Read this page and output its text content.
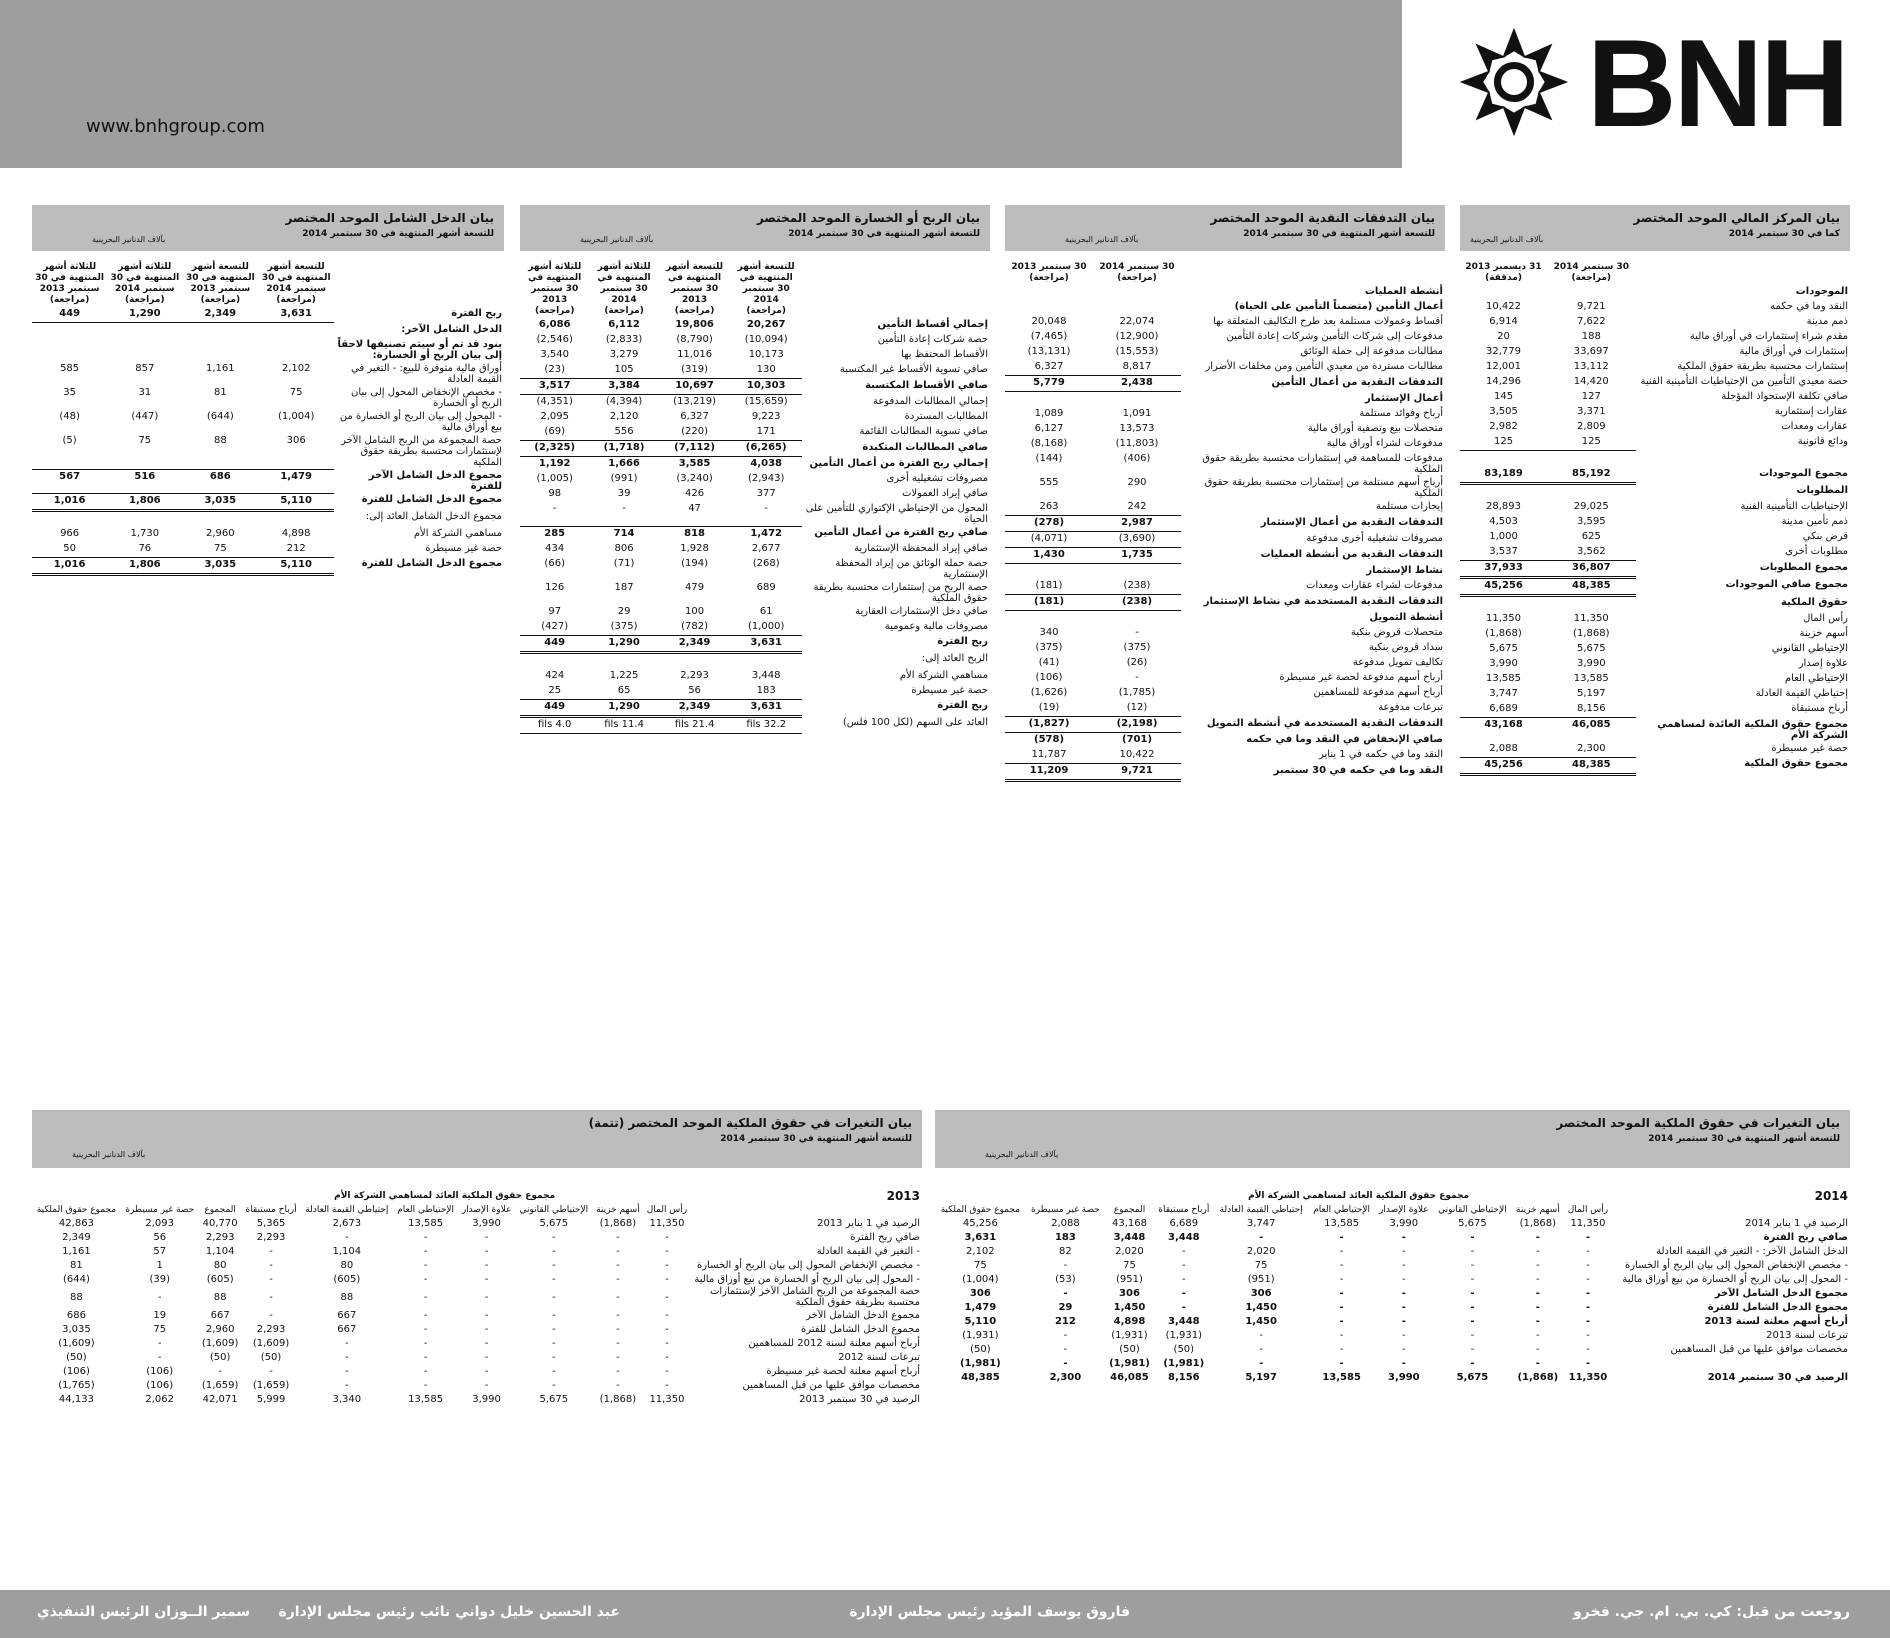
www.bnhgroup.com	BNH
بيان المركز المالي الموحد المختصر
كما في 30 سبتمبر 2014
بآلاف الدنانير البحرينية
	30 سبتمبر 2014 (مراجعة)	31 ديسمبر 2013 (مدققة)
الموجودات		
النقد وما في حكمه	9,721	10,422
ذمم مدينة	7,622	6,914
مقدم شراء إستثمارات في أوراق مالية	188	20
إستثمارات في أوراق مالية	33,697	32,779
إستثمارات محتسبة بطريقة حقوق الملكية	13,112	12,001
حصة معيدي التأمين من الإحتياطيات التأمينية الفنية	14,420	14,296
صافي تكلفة الإستحواذ المؤجلة	127	145
عقارات إستثمارية	3,371	3,505
عقارات ومعدات	2,809	2,982
ودائع قانونية	125	125

مجموع الموجودات	85,192	83,189
المطلوبات		
الإحتياطيات التأمينية الفنية	29,025	28,893
ذمم تأمين مدينة	3,595	4,503
قرض بنكي	625	1,000
مطلوبات أخرى	3,562	3,537
مجموع المطلوبات	36,807	37,933
مجموع صافي الموجودات	48,385	45,256
حقوق الملكية		
رأس المال	11,350	11,350
أسهم خزينة	(1,868)	(1,868)
الإحتياطي القانوني	5,675	5,675
علاوة إصدار	3,990	3,990
الإحتياطي العام	13,585	13,585
إحتياطي القيمة العادلة	5,197	3,747
أرباح مستبقاة	8,156	6,689
مجموع حقوق الملكية العائدة لمساهمي الشركة الأم	46,085	43,168
حصة غير مسيطرة	2,300	2,088
مجموع حقوق الملكية	48,385	45,256
بيان التدفقات النقدية الموحد المختصر
للتسعة أشهر المنتهية في 30 سبتمبر 2014
بآلاف الدنانير البحرينية
	30 سبتمبر 2014 (مراجعة)	30 سبتمبر 2013 (مراجعة)
أنشطة العمليات		
أعمال التأمين (متضمناً التأمين على الحياة)		
أقساط وعمولات مستلمة بعد طرح التكاليف المتعلقة بها	22,074	20,048
مدفوعات إلى شركات التأمين وشركات إعادة التأمين	(12,900)	(7,465)
مطالبات مدفوعة إلى حملة الوثائق	(15,553)	(13,131)
مطالبات مستردة من معيدي التأمين ومن مخلفات الأضرار	8,817	6,327
التدفقات النقدية من أعمال التأمين	2,438	5,779
أعمال الإستثمار		
أرباح وفوائد مستلمة	1,091	1,089
متحصلات بيع وتصفية أوراق مالية	13,573	6,127
مدفوعات لشراء أوراق مالية	(11,803)	(8,168)
مدفوعات للمساهمة في إستثمارات محتسبة بطريقة حقوق الملكية	(406)	(144)
أرباح أسهم مستلمة من إستثمارات محتسبة بطريقة حقوق الملكية	290	555
إيجارات مستلمة	242	263
التدفقات النقدية من أعمال الإستثمار	2,987	(278)
مصروفات تشغيلية أخرى مدفوعة	(3,690)	(4,071)
التدفقات النقدية من أنشطة العمليات	1,735	1,430
نشاط الإستثمار		
مدفوعات لشراء عقارات ومعدات	(238)	(181)
التدفقات النقدية المستخدمة في نشاط الإستثمار	(238)	(181)
أنشطة التمويل		
متحصلات قروض بنكية	-	340
سداد قروض بنكية	(375)	(375)
تكاليف تمويل مدفوعة	(26)	(41)
أرباح أسهم مدفوعة لحصة غير مسيطرة	-	(106)
أرباح أسهم مدفوعة للمساهمين	(1,785)	(1,626)
تبرعات مدفوعة	(12)	(19)
التدفقات النقدية المستخدمة في أنشطة التمويل	(2,198)	(1,827)
صافي الإنخفاض في النقد وما في حكمه	(701)	(578)
النقد وما في حكمه في 1 يناير	10,422	11,787
النقد وما في حكمه في 30 سبتمبر	9,721	11,209
بيان الربح أو الخسارة الموحد المختصر
للتسعة أشهر المنتهية في 30 سبتمبر 2014
بآلاف الدنانير البحرينية
	للتسعة أشهر المنتهية في 30 سبتمبر 2014 (مراجعة)	للتسعة أشهر المنتهية في 30 سبتمبر 2013 (مراجعة)	للثلاثة أشهر المنتهية في 30 سبتمبر 2014 (مراجعة)	للثلاثة أشهر المنتهية في 30 سبتمبر 2013 (مراجعة)
إجمالي أقساط التأمين	20,267	19,806	6,112	6,086
حصة شركات إعادة التأمين	(10,094)	(8,790)	(2,833)	(2,546)
الأقساط المحتفظ بها	10,173	11,016	3,279	3,540
صافي تسوية الأقساط غير المكتسبة	130	(319)	105	(23)
صافي الأقساط المكتسبة	10,303	10,697	3,384	3,517
إجمالي المطالبات المدفوعة	(15,659)	(13,219)	(4,394)	(4,351)
المطالبات المستردة	9,223	6,327	2,120	2,095
صافي تسوية المطالبات القائمة	171	(220)	556	(69)
صافي المطالبات المتكبدة	(6,265)	(7,112)	(1,718)	(2,325)
إجمالي ربح الفترة من أعمال التأمين	4,038	3,585	1,666	1,192
مصروفات تشغيلية أخرى	(2,943)	(3,240)	(991)	(1,005)
صافي إيراد العمولات	377	426	39	98
المحول من الإحتياطي الإكتواري للتأمين على الحياة	-	47	-	-
صافي ربح الفترة من أعمال التأمين	1,472	818	714	285
صافي إيراد المحفظة الإستثمارية	2,677	1,928	806	434
حصة حملة الوثائق من إيراد المحفظة الإستثمارية	(268)	(194)	(71)	(66)
حصة الربح من إستثمارات محتسبة بطريقة حقوق الملكية	689	479	187	126
صافي دخل الإستثمارات العقارية	61	100	29	97
مصروفات مالية وعمومية	(1,000)	(782)	(375)	(427)
ربح الفترة	3,631	2,349	1,290	449
الربح العائد إلى:				
مساهمي الشركة الأم	3,448	2,293	1,225	424
حصة غير مسيطرة	183	56	65	25
ربح الفترة	3,631	2,349	1,290	449
العائد على السهم (لكل 100 فلس)	32.2 fils	21.4 fils	11.4 fils	4.0 fils
بيان الدخل الشامل الموحد المختصر
للتسعة أشهر المنتهية في 30 سبتمبر 2014
بآلاف الدنانير البحرينية
	للتسعة أشهر المنتهية في 30 سبتمبر 2014 (مراجعة)	للتسعة أشهر المنتهية في 30 سبتمبر 2013 (مراجعة)	للثلاثة أشهر المنتهية في 30 سبتمبر 2014 (مراجعة)	للثلاثة أشهر المنتهية في 30 سبتمبر 2013 (مراجعة)
ربح الفترة	3,631	2,349	1,290	449
الدخل الشامل الآخر:				
بنود قد تم أو سيتم تصنيفها لاحقاً إلى بيان الربح أو الخسارة:				
أوراق مالية متوفرة للبيع: - التغير في القيمة العادلة	2,102	1,161	857	585
- مخصص الإنخفاض المحول إلى بيان الربح أو الخسارة	75	81	31	35
- المحول إلى بيان الربح أو الخسارة من بيع أوراق مالية	(1,004)	(644)	(447)	(48)
حصة المجموعة من الربح الشامل الآخر لإستثمارات محتسبة بطريقة حقوق الملكية	306	88	75	(5)
مجموع الدخل الشامل الآخر للفترة	1,479	686	516	567
مجموع الدخل الشامل للفترة	5,110	3,035	1,806	1,016
مجموع الدخل الشامل العائد إلى:				
مساهمي الشركة الأم	4,898	2,960	1,730	966
حصة غير مسيطرة	212	75	76	50
مجموع الدخل الشامل للفترة	5,110	3,035	1,806	1,016
بيان التغيرات في حقوق الملكية الموحد المختصر
للتسعة أشهر المنتهية في 30 سبتمبر 2014
بآلاف الدنانير البحرينية
2014	مجموع حقوق الملكية العائد لمساهمي الشركة الأم									
	رأس المال	أسهم خزينة	الإحتياطي القانوني	علاوة الإصدار	الإحتياطي العام	إحتياطي القيمة العادلة	أرباح مستبقاة	المجموع	حصة غير مسيطرة	مجموع حقوق الملكية
الرصيد في 1 يناير 2014	11,350	(1,868)	5,675	3,990	13,585	3,747	6,689	43,168	2,088	45,256
صافي ربح الفترة	-	-	-	-	-	-	3,448	3,448	183	3,631
الدخل الشامل الآخر: - التغير في القيمة العادلة	-	-	-	-	-	2,020	-	2,020	82	2,102
- مخصص الإنخفاض المحول إلى بيان الربح أو الخسارة	-	-	-	-	-	75	-	75	-	75
- المحول إلى بيان الربح أو الخسارة من بيع أوراق مالية	-	-	-	-	-	(951)	-	(951)	(53)	(1,004)
مجموع الدخل الشامل الآخر	-	-	-	-	-	306	-	306	-	306
مجموع الدخل الشامل للفترة	-	-	-	-	-	1,450	-	1,450	29	1,479
أرباح أسهم معلنة لسنة 2013	-	-	-	-	-	1,450	3,448	4,898	212	5,110
تبرعات لسنة 2013	-	-	-	-	-	-	(1,931)	(1,931)	-	(1,931)
مخصصات موافق عليها من قبل المساهمين	-	-	-	-	-	-	(50)	(50)	-	(50)
	-	-	-	-	-	-	(1,981)	(1,981)	-	(1,981)
الرصيد في 30 سبتمبر 2014	11,350	(1,868)	5,675	3,990	13,585	5,197	8,156	46,085	2,300	48,385
بيان التغيرات في حقوق الملكية الموحد المختصر (تتمة)
للتسعة أشهر المنتهية في 30 سبتمبر 2014
بآلاف الدنانير البحرينية
2013	مجموع حقوق الملكية العائد لمساهمي الشركة الأم									
	رأس المال	أسهم خزينة	الإحتياطي القانوني	علاوة الإصدار	الإحتياطي العام	إحتياطي القيمة العادلة	أرباح مستبقاة	المجموع	حصة غير مسيطرة	مجموع حقوق الملكية
الرصيد في 1 يناير 2013	11,350	(1,868)	5,675	3,990	13,585	2,673	5,365	40,770	2,093	42,863
صافي ربح الفترة	-	-	-	-	-	-	2,293	2,293	56	2,349
- التغير في القيمة العادلة	-	-	-	-	-	1,104	-	1,104	57	1,161
- مخصص الإنخفاض المحول إلى بيان الربح أو الخسارة	-	-	-	-	-	80	-	80	1	81
- المحول إلى بيان الربح أو الخسارة من بيع أوراق مالية	-	-	-	-	-	(605)	-	(605)	(39)	(644)
حصة المجموعة من الربح الشامل الآخر لإستثمارات محتسبة بطريقة حقوق الملكية	-	-	-	-	-	88	-	88	-	88
مجموع الدخل الشامل الآخر	-	-	-	-	-	667	-	667	19	686
مجموع الدخل الشامل للفترة	-	-	-	-	-	667	2,293	2,960	75	3,035
أرباح أسهم معلنة لسنة 2012 للمساهمين	-	-	-	-	-	-	(1,609)	(1,609)	-	(1,609)
تبرعات لسنة 2012	-	-	-	-	-	-	(50)	(50)	-	(50)
أرباح أسهم معلنة لحصة غير مسيطرة	-	-	-	-	-	-	-	-	(106)	(106)
مخصصات موافق عليها من قبل المساهمين	-	-	-	-	-	-	(1,659)	(1,659)	(106)	(1,765)
الرصيد في 30 سبتمبر 2013	11,350	(1,868)	5,675	3,990	13,585	3,340	5,999	42,071	2,062	44,133
روجعت من قبل: كي. بي. ام. جي. فخرو
فاروق يوسف المؤيد رئيس مجلس الإدارة
عبد الحسين خليل دواني نائب رئيس مجلس الإدارة
سمير الــوزان الرئيس التنفيذي
